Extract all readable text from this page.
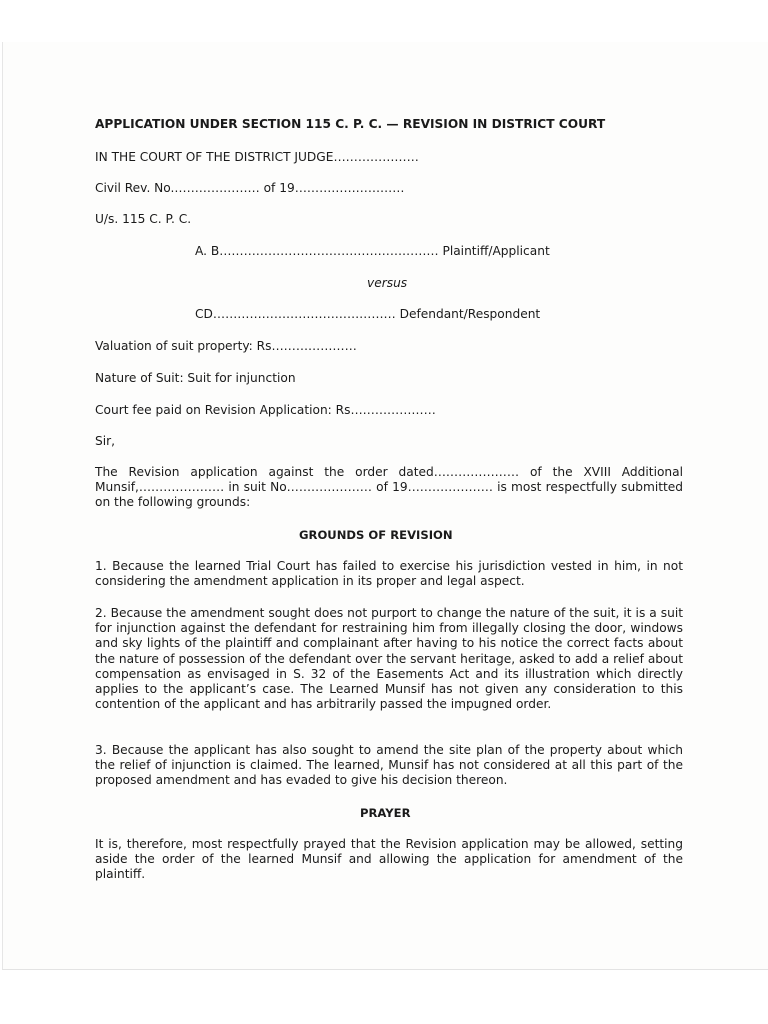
APPLICATION UNDER SECTION 115 C. P. C. — REVISION IN DISTRICT COURT

IN THE COURT OF THE DISTRICT JUDGE…………………

Civil Rev. No.………………… of 19………………………

U/s. 115 C. P. C.

A. B……………………………………………… Plaintiff/Applicant

versus

CD……………………………………… Defendant/Respondent

Valuation of suit property: Rs…………………

Nature of Suit: Suit for injunction

Court fee paid on Revision Application: Rs…………………

Sir,

The Revision application against the order dated………………… of the XVIII Additional Munsif,………………… in suit No………………… of 19………………… is most respectfully submitted on the following grounds:

GROUNDS OF REVISION

1. Because the learned Trial Court has failed to exercise his jurisdiction vested in him, in not considering the amendment application in its proper and legal aspect.

2. Because the amendment sought does not purport to change the nature of the suit, it is a suit for injunction against the defendant for restraining him from illegally closing the door, windows and sky lights of the plaintiff and complainant after having to his notice the correct facts about the nature of possession of the defendant over the servant heritage, asked to add a relief about compensation as envisaged in S. 32 of the Easements Act and its illustration which directly applies to the applicant’s case. The Learned Munsif has not given any consideration to this contention of the applicant and has arbitrarily passed the impugned order.

3. Because the applicant has also sought to amend the site plan of the property about which the relief of injunction is claimed. The learned, Munsif has not considered at all this part of the proposed amendment and has evaded to give his decision thereon.

PRAYER

It is, therefore, most respectfully prayed that the Revision application may be allowed, setting aside the order of the learned Munsif and allowing the application for amendment of the plaintiff.
